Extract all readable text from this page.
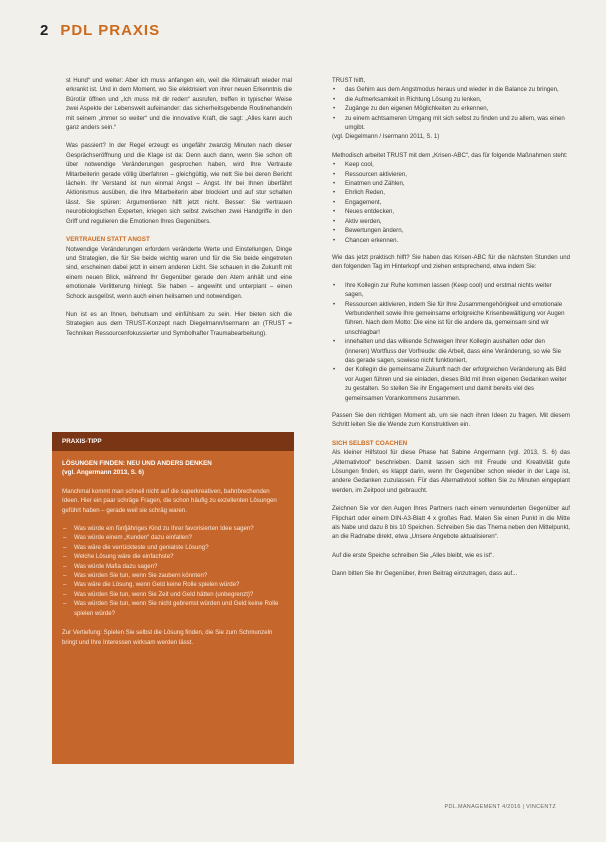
2 PDL PRAXIS

st Hund“ und weiter: Aber ich muss anfangen ein, weil die Klimakraft wieder mal erkrankt ist. Und in dem Moment, wo Sie elektrisiert von ihrer neuen Erkenntnis die Bürotür öffnen und „Ich muss mit dir reden“ ausrufen, treffen in typischer Weise zwei Aspekte der Lebenswelt aufeinander: das sicherheitsgebende Routinehandeln mit seinem „immer so weiter“ und die innovative Kraft, die sagt: „Alles kann auch ganz anders sein.“

Was passiert? In der Regel erzeugt es ungefähr zwanzig Minuten nach dieser Gesprächseröffnung und die Klage ist da: Denn auch dann, wenn Sie schon oft über notwendige Veränderungen gesprochen haben, wird Ihre Vertraute Mitarbeiterin gerade völlig überfahren – gleichgültig, wie nett Sie bei deren Bericht lächeln. Ihr Verstand ist nun einmal Angst – Angst. Ihr bei Ihnen überfährt Aktionismus ausüben, die Ihre Mitarbeiterin aber blockiert und auf stur schalten lässt. Sie spüren: Argumentieren hilft jetzt nicht. Besser: Sie vertrauen neurobiologischen Experten, kriegen sich selbst zwischen zwei Handgriffe in den Griff und regulieren die Emotionen Ihres Gegenübers.

VERTRAUEN STATT ANGST

Notwendige Veränderungen erfordern veränderte Werte und Einstellungen, Dinge und Strategien, die für Sie beide wichtig waren und für die Sie beide eingetreten sind, erscheinen dabei jetzt in einem anderen Licht. Sie schauen in die Zukunft mit einem neuen Blick, während Ihr Gegenüber gerade den Atem anhält und eine emotionale Verlitterung hinlegt. Sie haben – angewiht und unterplant – einen Schock ausgelöst, wenn auch einen heilsamen und notwendigen.

Nun ist es an Ihnen, behutsam und einfühlsam zu sein. Hier bieten sich die Strategien aus dem TRUST-Konzept nach Diegelmann/Isermann an (TRUST = Techniken Ressourcenfokussierter und Symbolhafter Traumabearbeitung).

PRAXIS-TIPP

LÖSUNGEN FINDEN: NEU UND ANDERS DENKEN
(vgl. Angermann 2013, S. 6)

Manchmal kommt man schnell nicht auf die superkreativen, bahnbrechenden Ideen. Hier ein paar schräge Fragen, die schon häufig zu exzellenten Lösungen geführt haben – gerade weil sie schräg waren.

– Was würde ein fünfjähriges Kind zu Ihrer favorisierten Idee sagen?
– Was würde einem „Kunden“ dazu einfallen?
– Was wäre die verrückteste und genialste Lösung?
– Welche Lösung wäre die einfachste?
– Was würde Mafia dazu sagen?
– Was würden Sie tun, wenn Sie zaubern könnten?
– Was wäre die Lösung, wenn Geld keine Rolle spielen würde?
– Was würden Sie tun, wenn Sie Zeit und Geld hätten (unbegrenzt)?
– Was würden Sie tun, wenn Sie nicht gebremst würden und Geld keine Rolle spielen würde?

Zur Vertiefung: Spielen Sie selbst die Lösung finden, die Sie zum Schmunzeln bringt und Ihre Interessen wirksam werden lässt.

TRUST hilft,
• das Gehirn aus dem Angstmodus heraus und wieder in die Balance zu bringen,
• die Aufmerksamkeit in Richtung Lösung zu lenken,
• Zugänge zu den eigenen Möglichkeiten zu erkennen,
• zu einem achtsameren Umgang mit sich selbst zu finden und zu allem, was einen umgibt.

(vgl. Diegelmann / Isermann 2011, S. 1)

Methodisch arbeitet TRUST mit dem „Krisen-ABC“, das für folgende Maßnahmen steht:
• Keep cool,
• Ressourcen aktivieren,
• Einatmen und Zählen,
• Ehrlich Reden,
• Engagement,
• Neues entdecken,
• Aktiv werden,
• Bewertungen ändern,
• Chancen erkennen.

Wie das jetzt praktisch hilft? Sie haben das Krisen-ABC für die nächsten Stunden und den folgenden Tag im Hinterkopf und ziehen entsprechend, etwa indem Sie:

• Ihre Kollegin zur Ruhe kommen lassen (Keep cool) und erstmal nichts weiter sagen,
• Ressourcen aktivieren, indem Sie für Ihre Zusammengehörigkeit und emotionale Verbundenheit sowie Ihre gemeinsame erfolgreiche Krisenbewältigung vor Augen führen. Nach dem Motto: Die eine ist für die andere da, gemeinsam sind wir unschlagbar!
• innehalten und das wilkende Schweigen Ihrer Kollegin aushalten oder den (inneren) Wortfluss der Vorfreude: die Arbeit, dass eine Veränderung, so wie Sie das gerade sagen, sowieso nicht funktioniert,
• der Kollegin die gemeinsame Zukunft nach der erfolgreichen Veränderung als Bild vor Augen führen und sie einladen, dieses Bild mit ihren eigenen Gedanken weiter zu gestalten. So stellen Sie ihr Engagement und damit bereits viel des gemeinsamen Vorankommens zusammen.

Passen Sie den richtigen Moment ab, um sie nach ihren Ideen zu fragen. Mit diesem Schritt leiten Sie die Wende zum Konstruktiven ein.

SICH SELBST COACHEN

Als kleiner Hilfstool für diese Phase hat Sabine Angermann (vgl. 2013, S. 6) das „Alternativtool“ beschrieben. Damit lassen sich mit Freude und Kreativität gute Lösungen finden, es klappt darin, wenn Ihr Gegenüber schon wieder in der Lage ist, andere Gedanken zuzulassen. Für das Alternativtool sollten Sie zu Minuten eingeplant werden, im Zeitpool und gebraucht.

Zeichnen Sie vor den Augen Ihres Partners nach einem verwunderten Gegenüber auf Flipchart oder einem DIN-A3-Blatt 4 x großes Rad. Malen Sie einen Punkt in die Mitte als Nabe und dazu 8 bis 10 Speichen. Schreiben Sie das Thema neben den Mittelpunkt, an die Radnabe direkt, etwa „Unsere Angebote aktualisieren“.

Auf die erste Speiche schreiben Sie „Alles bleibt, wie es ist“.

Dann bitten Sie Ihr Gegenüber, ihren Beitrag einzutragen, dass auf...

PDL.MANAGEMENT 4/2016 | VINCENTZ
